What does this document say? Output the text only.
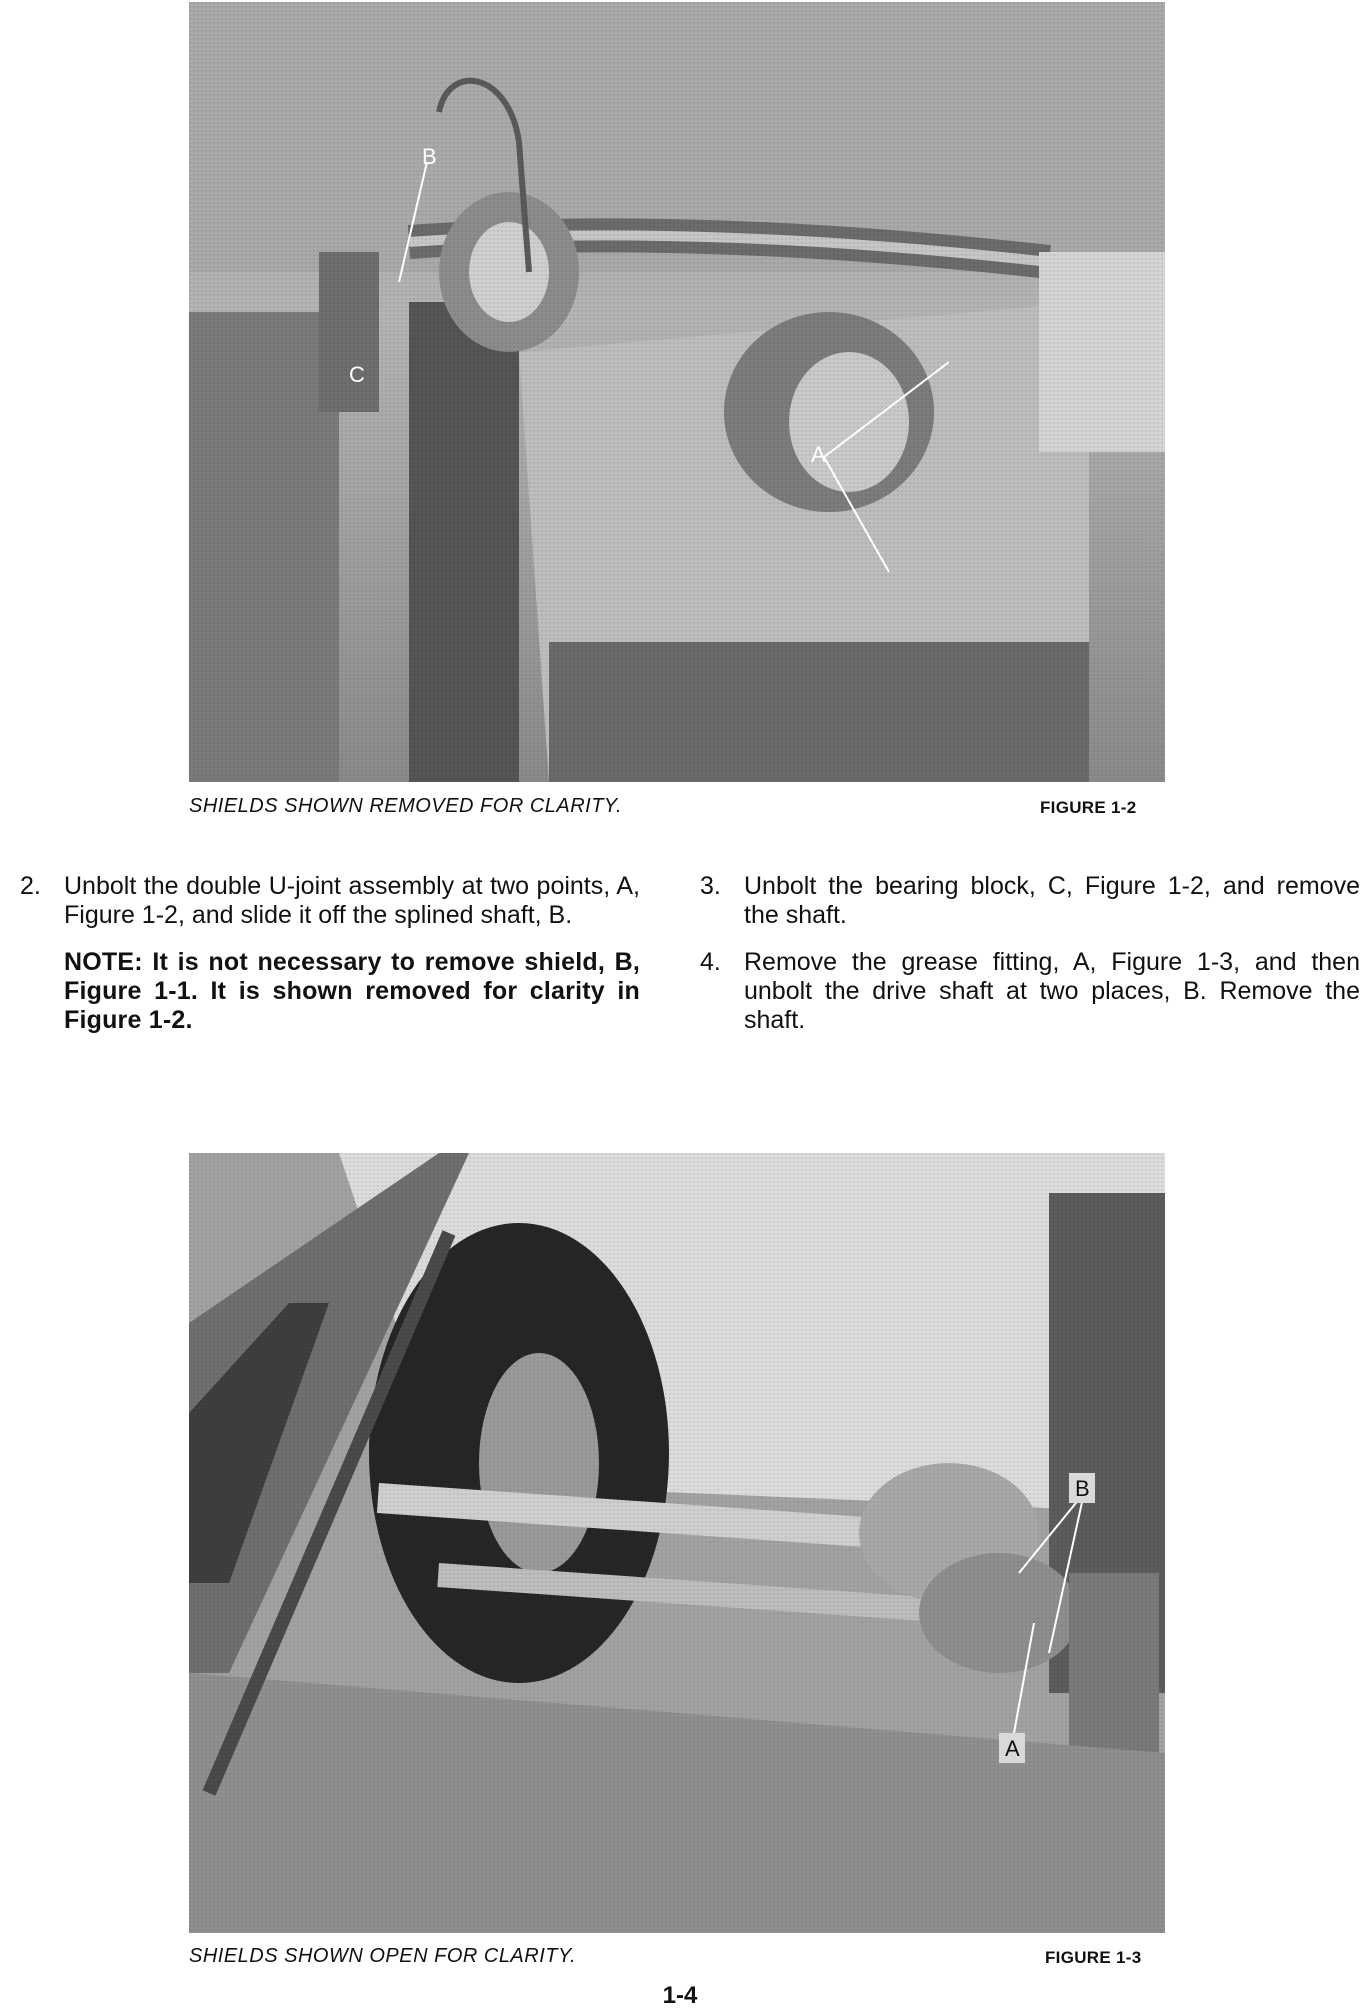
B
C
A
SHIELDS SHOWN REMOVED FOR CLARITY.	FIGURE 1-2
2. Unbolt the double U-joint assembly at two points, A, Figure 1-2, and slide it off the splined shaft, B.
NOTE: It is not necessary to remove shield, B, Figure 1-1. It is shown removed for clarity in Figure 1-2.
3. Unbolt the bearing block, C, Figure 1-2, and remove the shaft.
4. Remove the grease fitting, A, Figure 1-3, and then unbolt the drive shaft at two places, B. Remove the shaft.
B
A
SHIELDS SHOWN OPEN FOR CLARITY.	FIGURE 1-3
1-4
